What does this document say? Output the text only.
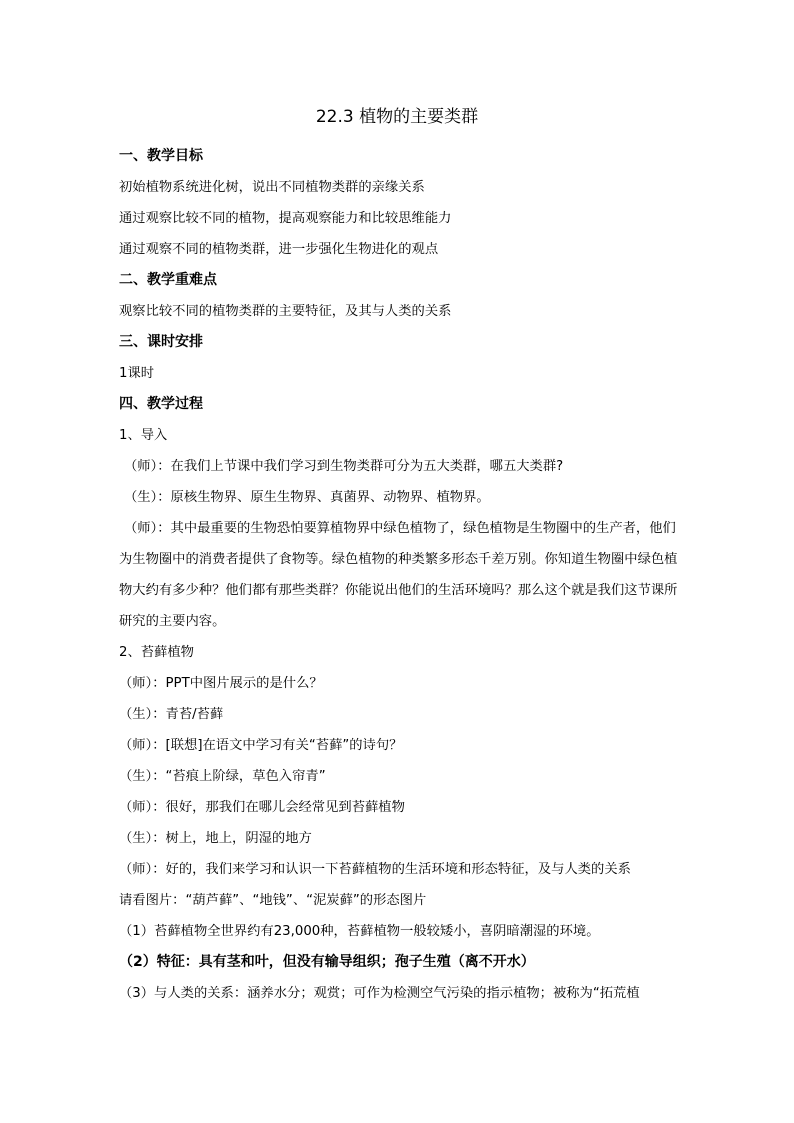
22.3 植物的主要类群
一、教学目标
初始植物系统进化树，说出不同植物类群的亲缘关系
通过观察比较不同的植物，提高观察能力和比较思维能力
通过观察不同的植物类群，进一步强化生物进化的观点
二、教学重难点
观察比较不同的植物类群的主要特征，及其与人类的关系
三、课时安排
1课时
四、教学过程
1、导入
（师）：在我们上节课中我们学习到生物类群可分为五大类群，哪五大类群?
（生）：原核生物界、原生生物界、真菌界、动物界、植物界。
（师）：其中最重要的生物恐怕要算植物界中绿色植物了，绿色植物是生物圈中的生产者，他们为生物圈中的消费者提供了食物等。绿色植物的种类繁多形态千差万别。你知道生物圈中绿色植物大约有多少种？他们都有那些类群？你能说出他们的生活环境吗？那么这个就是我们这节课所研究的主要内容。
2、苔藓植物
（师）：PPT中图片展示的是什么？
（生）：青苔/苔藓
（师）：[联想]在语文中学习有关“苔藓”的诗句？
（生）：“苔痕上阶绿，草色入帘青”
（师）：很好，那我们在哪儿会经常见到苔藓植物
（生）：树上，地上，阴湿的地方
（师）：好的，我们来学习和认识一下苔藓植物的生活环境和形态特征，及与人类的关系
请看图片：“葫芦藓”、“地钱”、“泥炭藓”的形态图片
（1）苔藓植物全世界约有23,000种，苔藓植物一般较矮小，喜阴暗潮湿的环境。
（2）特征：具有茎和叶，但没有输导组织；孢子生殖（离不开水）
（3）与人类的关系：涵养水分；观赏；可作为检测空气污染的指示植物；被称为“拓荒植
